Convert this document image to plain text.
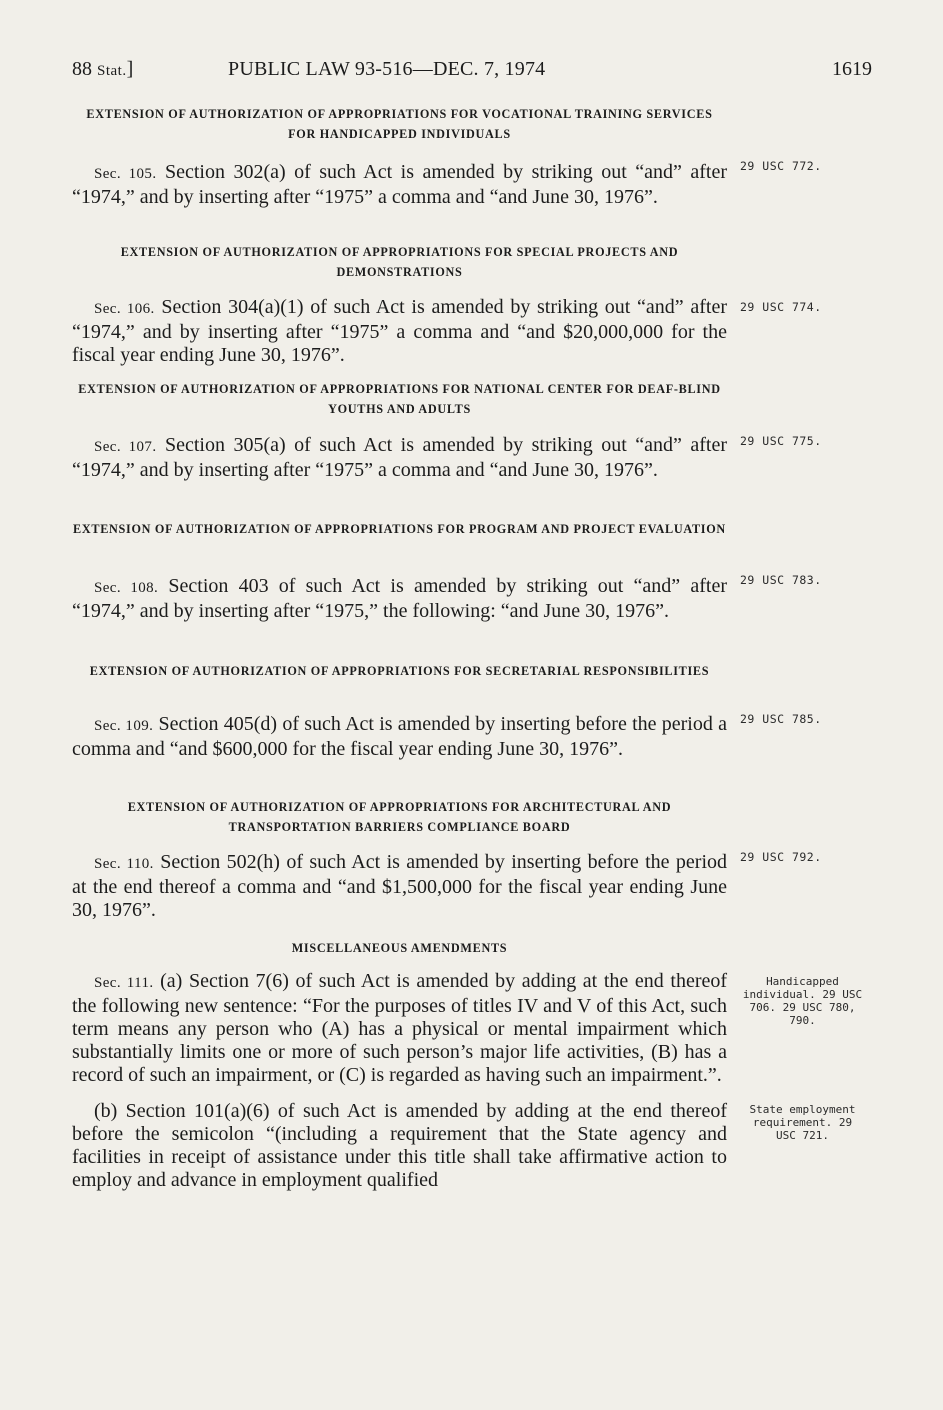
88 Stat.]	PUBLIC LAW 93-516—DEC. 7, 1974	1619
EXTENSION OF AUTHORIZATION OF APPROPRIATIONS FOR VOCATIONAL TRAINING SERVICES FOR HANDICAPPED INDIVIDUALS
Sec. 105. Section 302(a) of such Act is amended by striking out “and” after “1974,” and by inserting after “1975” a comma and “and June 30, 1976”.
29 USC 772.
EXTENSION OF AUTHORIZATION OF APPROPRIATIONS FOR SPECIAL PROJECTS AND DEMONSTRATIONS
Sec. 106. Section 304(a)(1) of such Act is amended by striking out “and” after “1974,” and by inserting after “1975” a comma and “and $20,000,000 for the fiscal year ending June 30, 1976”.
29 USC 774.
EXTENSION OF AUTHORIZATION OF APPROPRIATIONS FOR NATIONAL CENTER FOR DEAF-BLIND YOUTHS AND ADULTS
Sec. 107. Section 305(a) of such Act is amended by striking out “and” after “1974,” and by inserting after “1975” a comma and “and June 30, 1976”.
29 USC 775.
EXTENSION OF AUTHORIZATION OF APPROPRIATIONS FOR PROGRAM AND PROJECT EVALUATION
Sec. 108. Section 403 of such Act is amended by striking out “and” after “1974,” and by inserting after “1975,” the following: “and June 30, 1976”.
29 USC 783.
EXTENSION OF AUTHORIZATION OF APPROPRIATIONS FOR SECRETARIAL RESPONSIBILITIES
Sec. 109. Section 405(d) of such Act is amended by inserting before the period a comma and “and $600,000 for the fiscal year ending June 30, 1976”.
29 USC 785.
EXTENSION OF AUTHORIZATION OF APPROPRIATIONS FOR ARCHITECTURAL AND TRANSPORTATION BARRIERS COMPLIANCE BOARD
Sec. 110. Section 502(h) of such Act is amended by inserting before the period at the end thereof a comma and “and $1,500,000 for the fiscal year ending June 30, 1976”.
29 USC 792.
MISCELLANEOUS AMENDMENTS
Sec. 111. (a) Section 7(6) of such Act is amended by adding at the end thereof the following new sentence: “For the purposes of titles IV and V of this Act, such term means any person who (A) has a physical or mental impairment which substantially limits one or more of such person’s major life activities, (B) has a record of such an impairment, or (C) is regarded as having such an impairment.”.
Handicapped individual. 29 USC 706. 29 USC 780, 790.
(b) Section 101(a)(6) of such Act is amended by adding at the end thereof before the semicolon “(including a requirement that the State agency and facilities in receipt of assistance under this title shall take affirmative action to employ and advance in employment qualified
State employment requirement. 29 USC 721.
